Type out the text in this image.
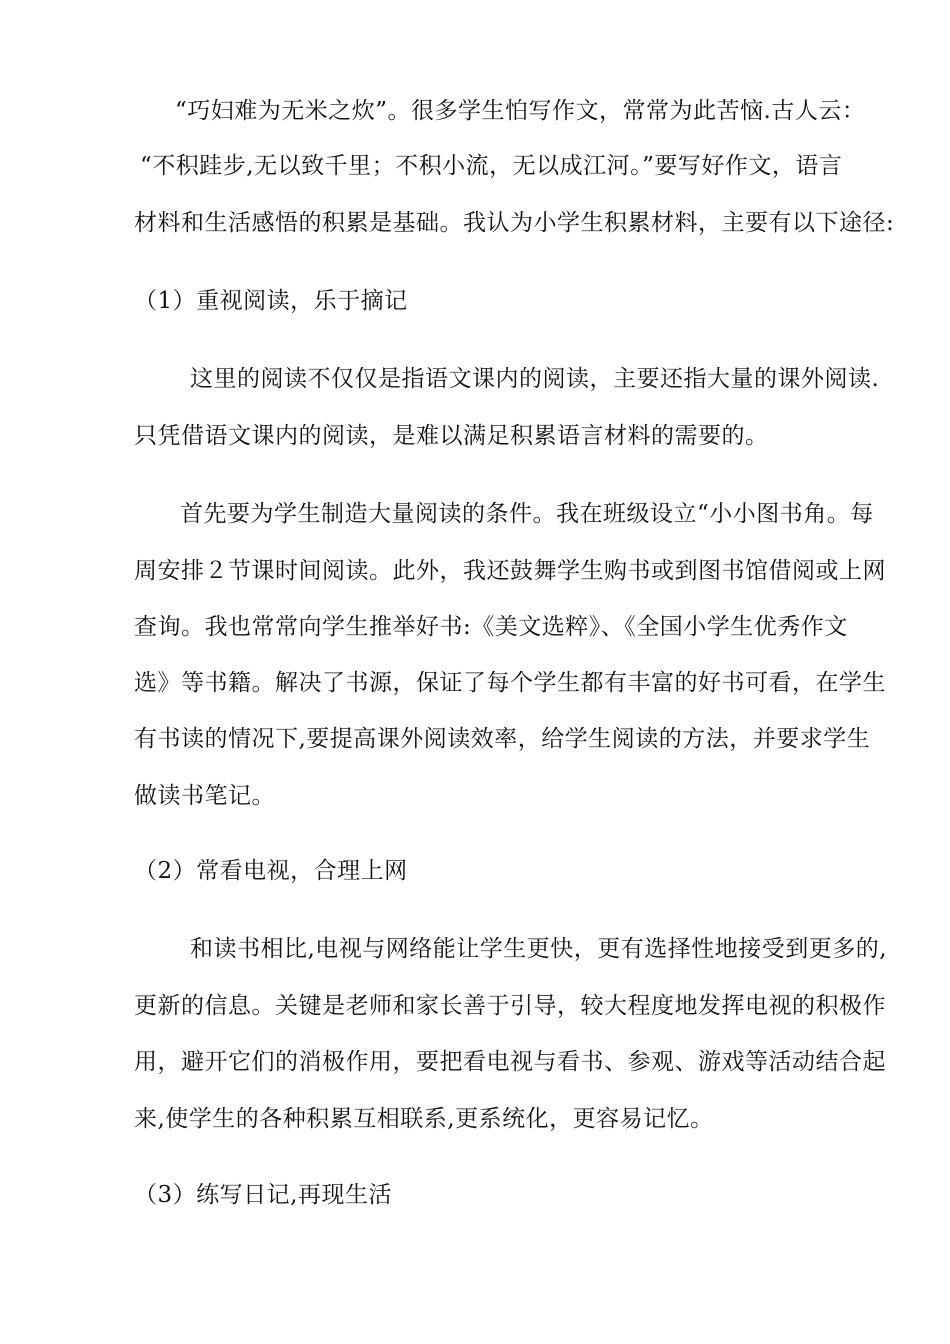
“巧妇难为无米之炊”。很多学生怕写作文，常常为此苦恼.古人云：
“不积跬步,无以致千里；不积小流，无以成江河。”要写好作文，语言
材料和生活感悟的积累是基础。我认为小学生积累材料，主要有以下途径:
（1）重视阅读，乐于摘记
这里的阅读不仅仅是指语文课内的阅读，主要还指大量的课外阅读.
只凭借语文课内的阅读，是难以满足积累语言材料的需要的。
首先要为学生制造大量阅读的条件。我在班级设立“小小图书角。每
周安排２节课时间阅读。此外，我还鼓舞学生购书或到图书馆借阅或上网
查询。我也常常向学生推举好书:《美文选粹》、《全国小学生优秀作文
选》等书籍。解决了书源，保证了每个学生都有丰富的好书可看，在学生
有书读的情况下,要提高课外阅读效率，给学生阅读的方法，并要求学生
做读书笔记。
（2）常看电视，合理上网
和读书相比,电视与网络能让学生更快，更有选择性地接受到更多的,
更新的信息。关键是老师和家长善于引导，较大程度地发挥电视的积极作
用，避开它们的消极作用，要把看电视与看书、参观、游戏等活动结合起
来,使学生的各种积累互相联系,更系统化，更容易记忆。
（3）练写日记,再现生活
